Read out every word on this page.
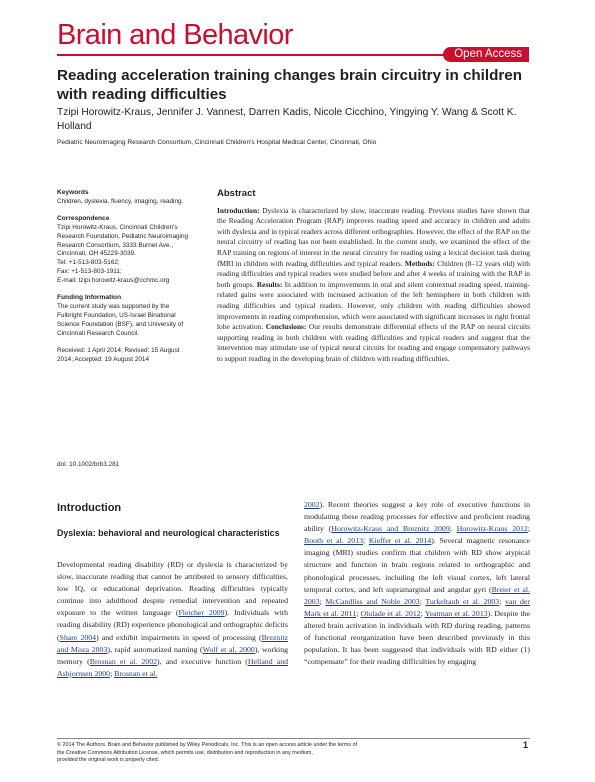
Brain and Behavior
Open Access
Reading acceleration training changes brain circuitry in children with reading difficulties
Tzipi Horowitz-Kraus, Jennifer J. Vannest, Darren Kadis, Nicole Cicchino, Yingying Y. Wang & Scott K. Holland
Pediatric Neuroimaging Research Consortium, Cincinnati Children's Hospital Medical Center, Cincinnati, Ohio
Keywords
Children, dyslexia, fluency, imaging, reading.
Correspondence
Tzipi Horowitz-Kraus, Cincinnati Children's
Research Foundation, Pediatric Neuroimaging
Research Consortium, 3333 Burnet Ave.,
Cincinnati, OH 45229-3039.
Tel: +1-513-803-5162;
Fax: +1-513-803-1911;
E-mail: tzipi.horowitz-kraus@cchmc.org
Funding Information
The current study was supported by the
Fulbright Foundation, US-Israel Binational
Science Foundation (BSF), and University of
Cincinnati Research Council.
Received: 1 April 2014; Revised: 15 August
2014; Accepted: 19 August 2014
doi: 10.1002/brb3.281
Abstract
Introduction: Dyslexia is characterized by slow, inaccurate reading. Previous studies have shown that the Reading Acceleration Program (RAP) improves reading speed and accuracy in children and adults with dyslexia and in typical readers across different orthographies. However, the effect of the RAP on the neural circuitry of reading has not been established. In the current study, we examined the effect of the RAP training on regions of interest in the neural circuitry for reading using a lexical decision task during fMRI in children with reading difficulties and typical readers. Methods: Children (8–12 years old) with reading difficulties and typical readers were studied before and after 4 weeks of training with the RAP in both groups. Results: In addition to improvements in oral and silent contextual reading speed, training-related gains were associated with increased activation of the left hemisphere in both children with reading difficulties and typical readers. However, only children with reading difficulties showed improvements in reading comprehension, which were associated with significant increases in right frontal lobe activation. Conclusions: Our results demonstrate differential effects of the RAP on neural circuits supporting reading in both children with reading difficulties and typical readers and suggest that the intervention may stimulate use of typical neural circuits for reading and engage compensatory pathways to support reading in the developing brain of children with reading difficulties.
Introduction
Dyslexia: behavioral and neurological characteristics
Developmental reading disability (RD) or dyslexia is characterized by slow, inaccurate reading that cannot be attributed to sensory difficulties, low IQ, or educational deprivation. Reading difficulties typically continue into adulthood despite remedial intervention and repeated exposure to the written language (Fletcher 2009). Individuals with reading disability (RD) experience phonological and orthographic deficits (Share 2004) and exhibit impairments in speed of processing (Breznitz and Misra 2003), rapid automatized naming (Wolf et al. 2000), working memory (Brosnan et al. 2002), and executive function (Helland and Asbjornsen 2000; Brosnan et al.
2002). Recent theories suggest a key role of executive functions in modulating these reading processes for effective and proficient reading ability (Horowitz-Kraus and Breznitz 2009; Horowitz-Kraus 2012; Booth et al. 2013; Kieffer et al. 2014). Several magnetic resonance imaging (MRI) studies confirm that children with RD show atypical structure and function in brain regions related to orthographic and phonological processes, including the left visual cortex, left lateral temporal cortex, and left supramarginal and angular gyri (Breier et al. 2003; McCandliss and Noble 2003; Turkeltaub et al. 2003; van der Mark et al. 2011; Olulade et al. 2012; Yeatman et al. 2013). Despite the altered brain activation in individuals with RD during reading, patterns of functional reorganization have been described previously in this population. It has been suggested that individuals with RD either (1) “compensate” for their reading difficulties by engaging
© 2014 The Authors. Brain and Behavior published by Wiley Periodicals, Inc. This is an open access article under the terms of
the Creative Commons Attribution License, which permits use, distribution and reproduction in any medium,
provided the original work is properly cited.
1
